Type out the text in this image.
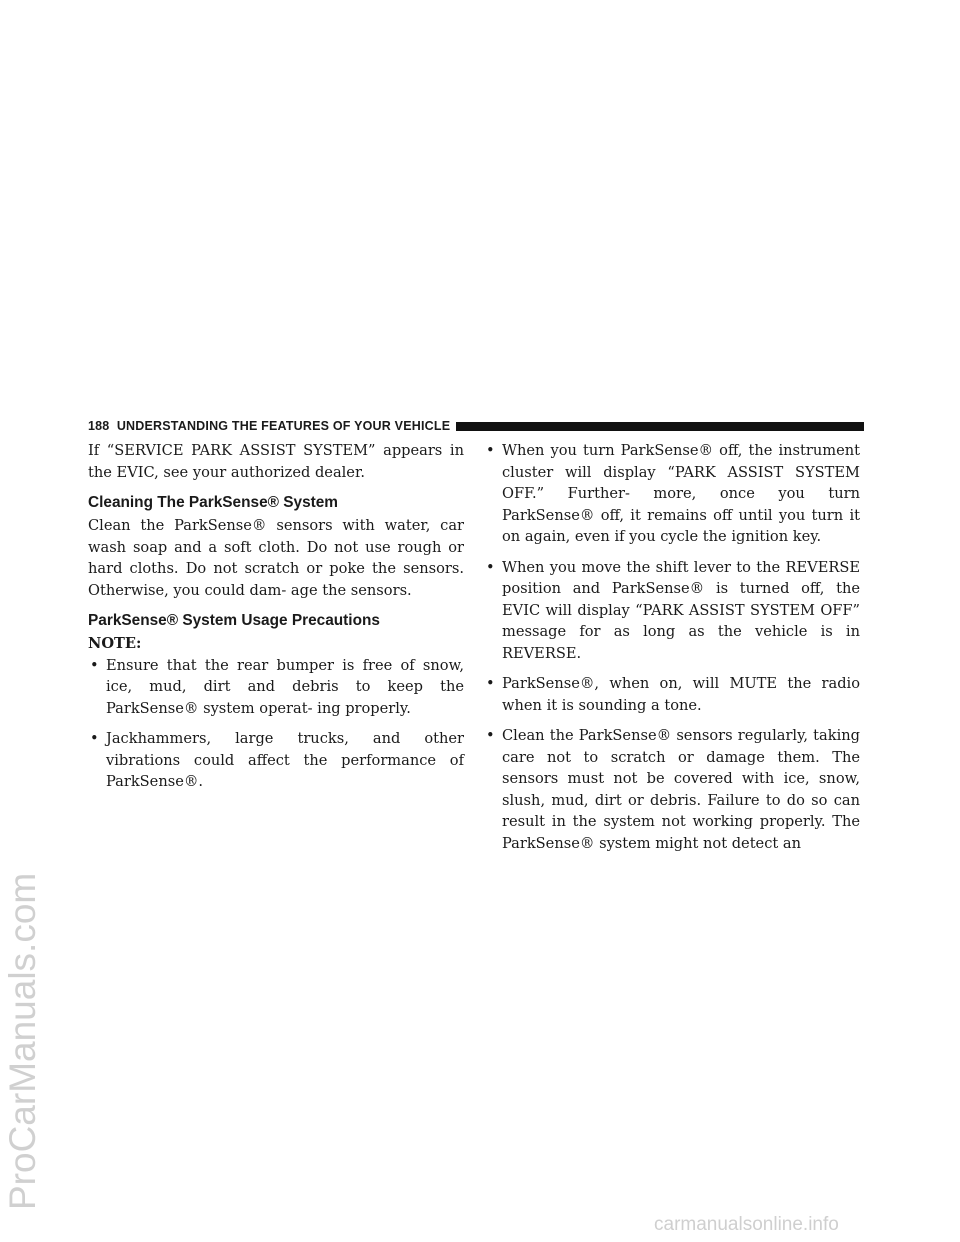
ProCarManuals.com
carmanualsonline.info
188 UNDERSTANDING THE FEATURES OF YOUR VEHICLE

If “SERVICE PARK ASSIST SYSTEM” appears in the EVIC, see your authorized dealer.

Cleaning The ParkSense® System

Clean the ParkSense® sensors with water, car wash soap and a soft cloth. Do not use rough or hard cloths. Do not scratch or poke the sensors. Otherwise, you could dam- age the sensors.

ParkSense® System Usage Precautions

NOTE:

• Ensure that the rear bumper is free of snow, ice, mud, dirt and debris to keep the ParkSense® system operat- ing properly.
• Jackhammers, large trucks, and other vibrations could affect the performance of ParkSense®.
• When you turn ParkSense® off, the instrument cluster will display “PARK ASSIST SYSTEM OFF.” Further- more, once you turn ParkSense® off, it remains off until you turn it on again, even if you cycle the ignition key.
• When you move the shift lever to the REVERSE position and ParkSense® is turned off, the EVIC will display “PARK ASSIST SYSTEM OFF” message for as long as the vehicle is in REVERSE.
• ParkSense®, when on, will MUTE the radio when it is sounding a tone.
• Clean the ParkSense® sensors regularly, taking care not to scratch or damage them. The sensors must not be covered with ice, snow, slush, mud, dirt or debris. Failure to do so can result in the system not working properly. The ParkSense® system might not detect an
